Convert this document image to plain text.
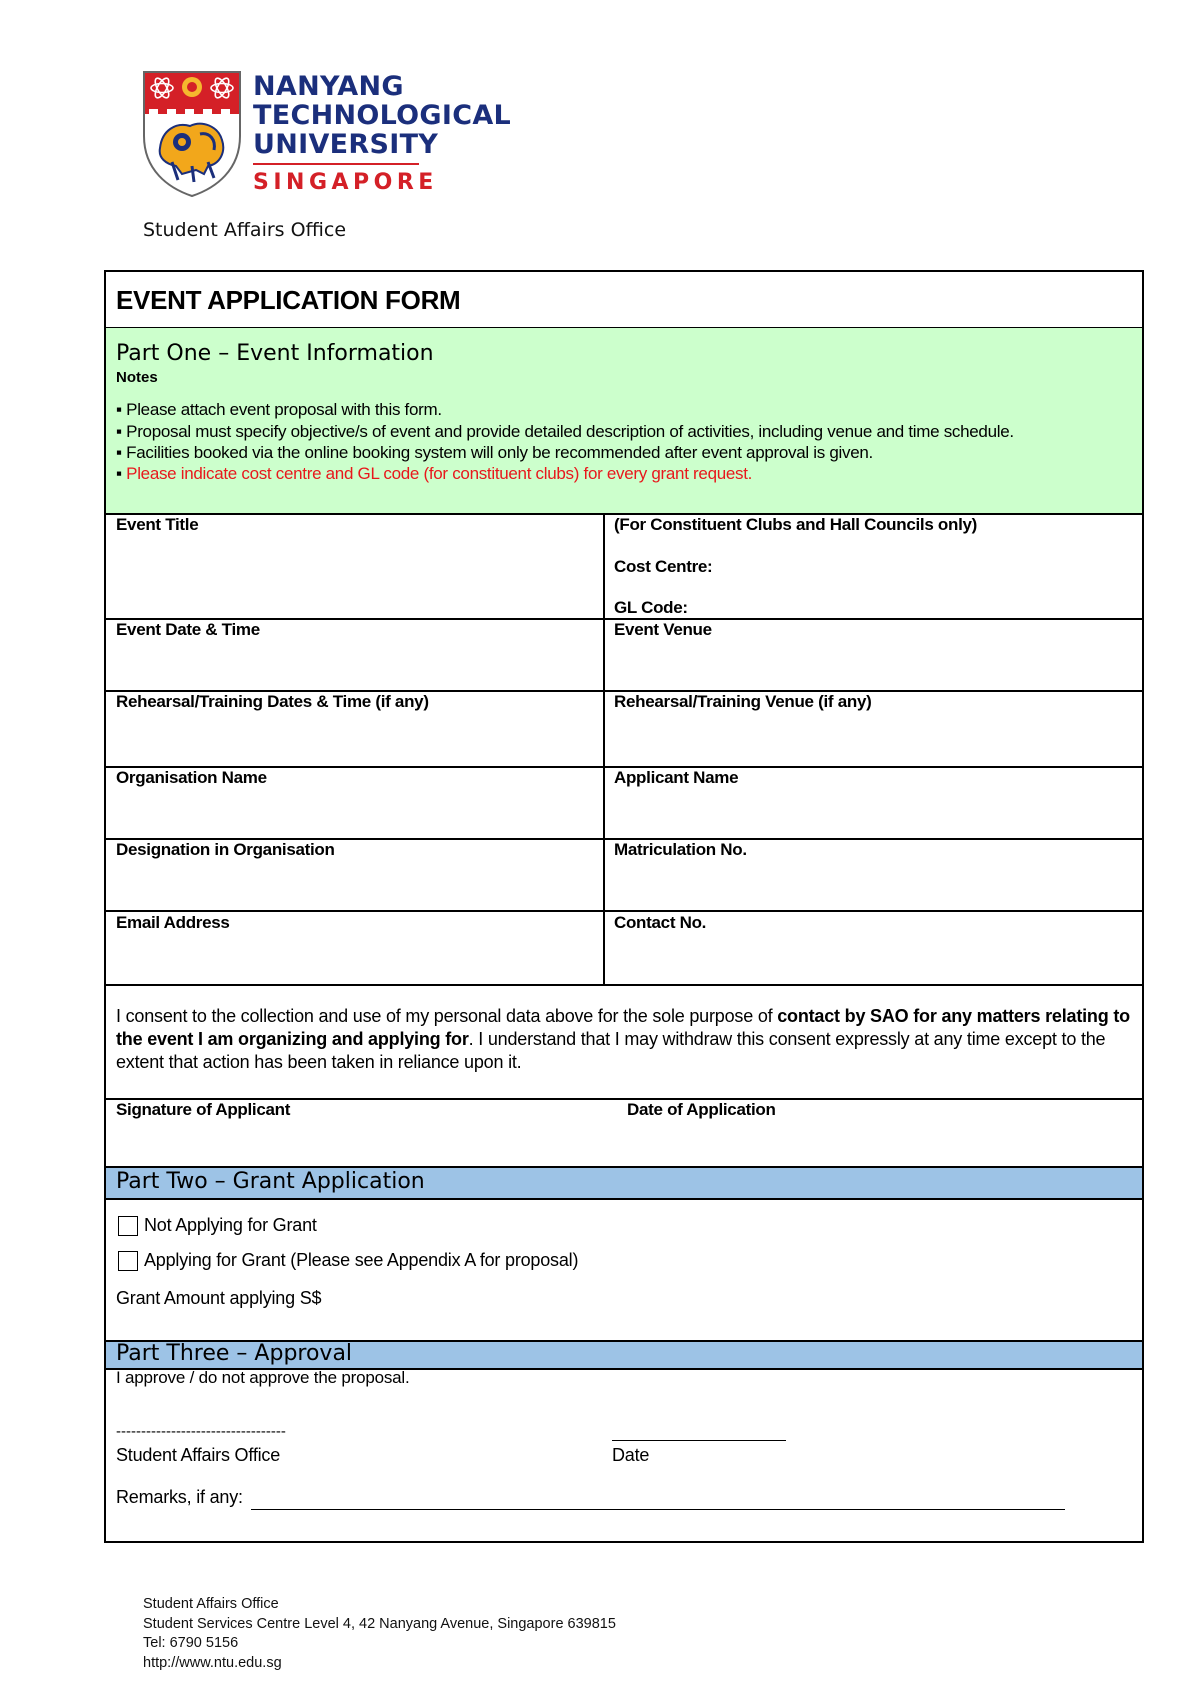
NANYANG
TECHNOLOGICAL
UNIVERSITY
SINGAPORE
Student Affairs Office
EVENT APPLICATION FORM
Part One – Event Information
Notes
▪ Please attach event proposal with this form.
▪ Proposal must specify objective/s of event and provide detailed description of activities, including venue and time schedule.
▪ Facilities booked via the online booking system will only be recommended after event approval is given.
▪ Please indicate cost centre and GL code (for constituent clubs) for every grant request.
Event Title	(For Constituent Clubs and Hall Councils only)
Cost Centre:
GL Code:
Event Date & Time	Event Venue
Rehearsal/Training Dates & Time (if any)	Rehearsal/Training Venue (if any)
Organisation Name	Applicant Name
Designation in Organisation	Matriculation No.
Email Address	Contact No.
I consent to the collection and use of my personal data above for the sole purpose of contact by SAO for any matters relating to the event I am organizing and applying for. I understand that I may withdraw this consent expressly at any time except to the extent that action has been taken in reliance upon it.
Signature of Applicant	Date of Application
Part Two – Grant Application
Not Applying for Grant
Applying for Grant (Please see Appendix A for proposal)
Grant Amount applying S$
Part Three – Approval
I approve / do not approve the proposal.
----------------------------------
Student Affairs Office	Date
Remarks, if any:
Student Affairs Office
Student Services Centre Level 4, 42 Nanyang Avenue, Singapore 639815
Tel: 6790 5156
http://www.ntu.edu.sg
